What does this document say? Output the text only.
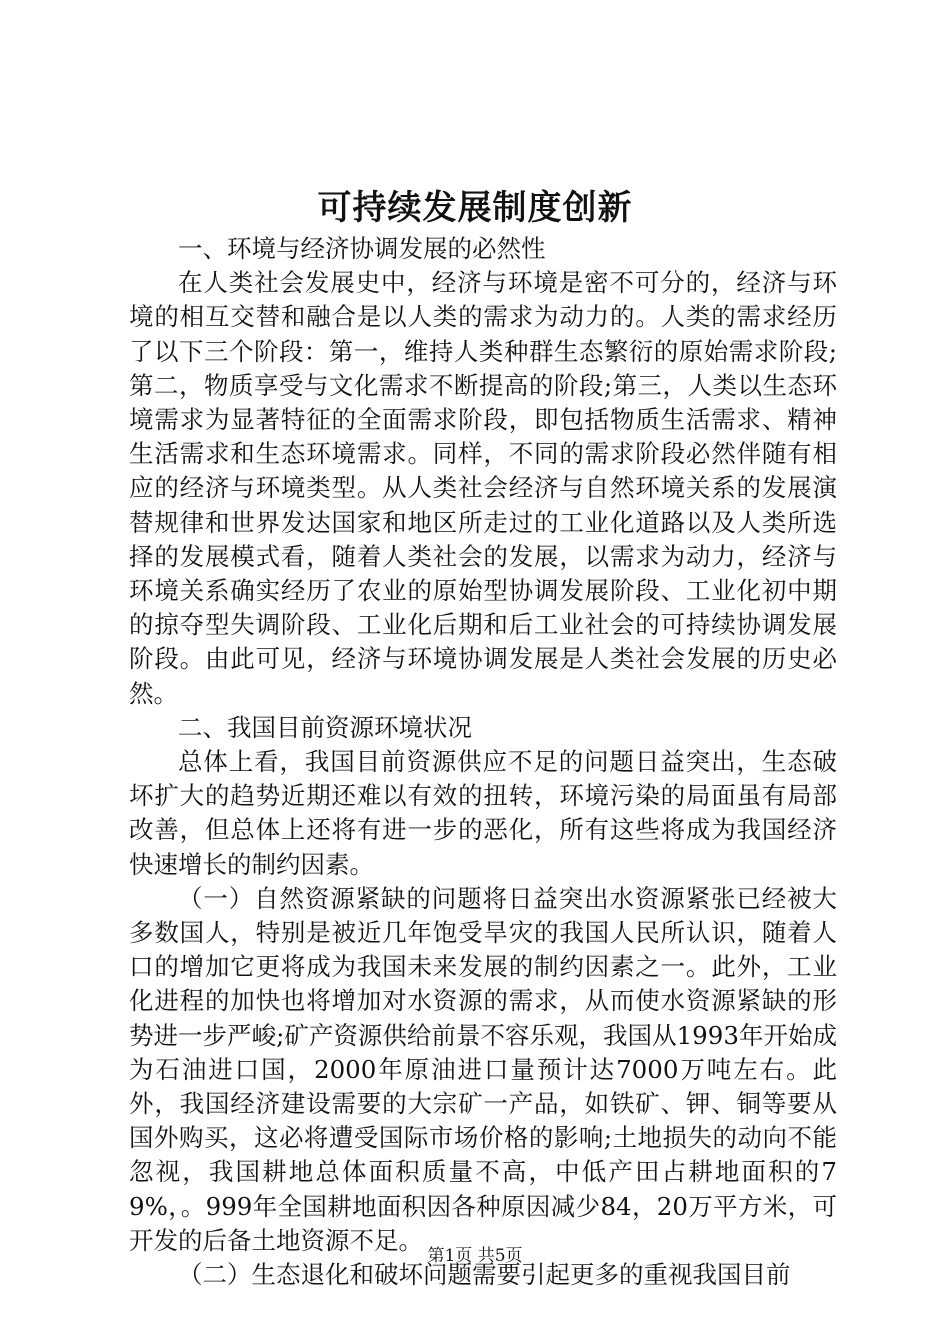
可持续发展制度创新

一、环境与经济协调发展的必然性

在人类社会发展史中，经济与环境是密不可分的，经济与环境的相互交替和融合是以人类的需求为动力的。人类的需求经历了以下三个阶段：第一，维持人类种群生态繁衍的原始需求阶段;第二，物质享受与文化需求不断提高的阶段;第三，人类以生态环境需求为显著特征的全面需求阶段，即包括物质生活需求、精神生活需求和生态环境需求。同样，不同的需求阶段必然伴随有相应的经济与环境类型。从人类社会经济与自然环境关系的发展演替规律和世界发达国家和地区所走过的工业化道路以及人类所选择的发展模式看，随着人类社会的发展，以需求为动力，经济与环境关系确实经历了农业的原始型协调发展阶段、工业化初中期的掠夺型失调阶段、工业化后期和后工业社会的可持续协调发展阶段。由此可见，经济与环境协调发展是人类社会发展的历史必然。

二、我国目前资源环境状况

总体上看，我国目前资源供应不足的问题日益突出，生态破坏扩大的趋势近期还难以有效的扭转，环境污染的局面虽有局部改善，但总体上还将有进一步的恶化，所有这些将成为我国经济快速增长的制约因素。

（一）自然资源紧缺的问题将日益突出水资源紧张已经被大多数国人，特别是被近几年饱受旱灾的我国人民所认识，随着人口的增加它更将成为我国未来发展的制约因素之一。此外，工业化进程的加快也将增加对水资源的需求，从而使水资源紧缺的形势进一步严峻;矿产资源供给前景不容乐观，我国从1993年开始成为石油进口国，2000年原油进口量预计达7000万吨左右。此外，我国经济建设需要的大宗矿一产品，如铁矿、钾、铜等要从国外购买，这必将遭受国际市场价格的影响;土地损失的动向不能忽视，我国耕地总体面积质量不高，中低产田占耕地面积的79%，。999年全国耕地面积因各种原因减少84，20万平方米，可开发的后备土地资源不足。

（二）生态退化和破坏问题需要引起更多的重视我国目前

第1页 共5页
